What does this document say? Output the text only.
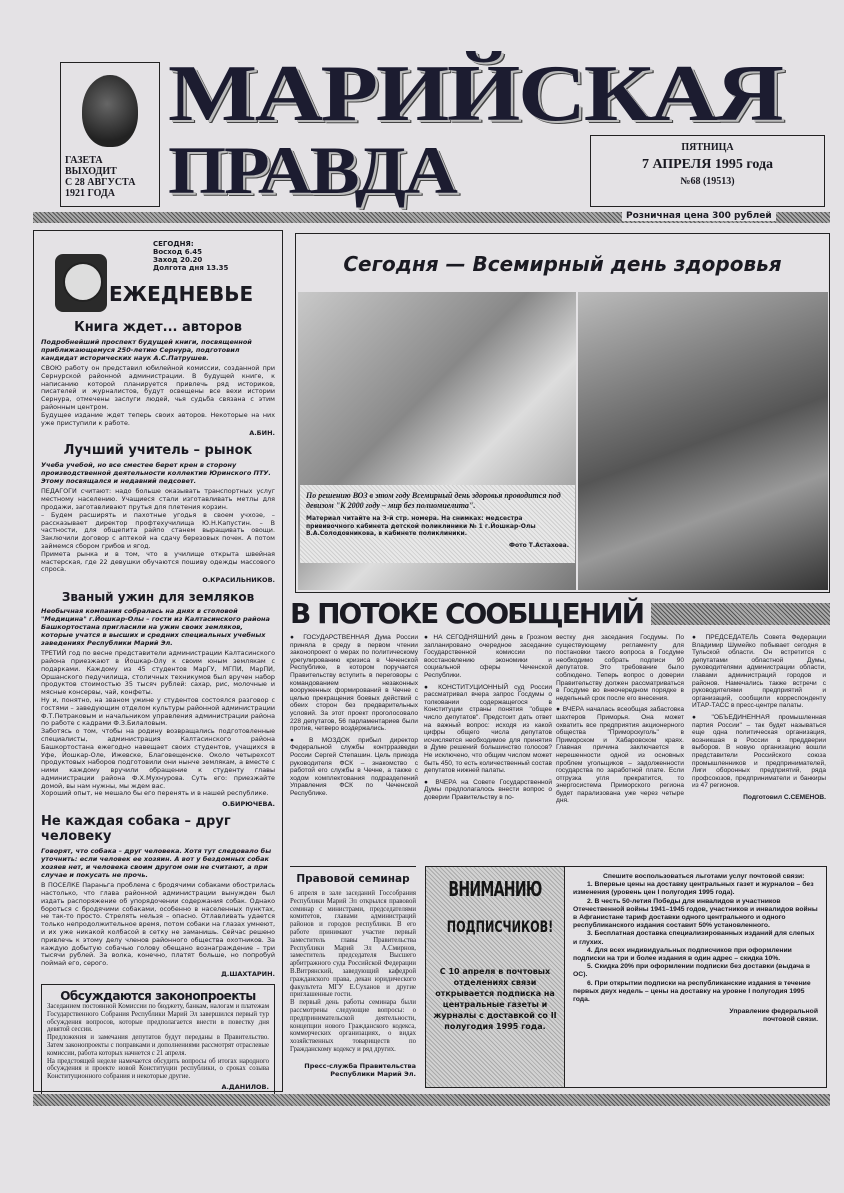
ГАЗЕТА ВЫХОДИТ
С 28 АВГУСТА
1921 ГОДА
МАРИЙСКАЯ
ПРАВДА	ПЯТНИЦА
7 АПРЕЛЯ 1995 года
№68 (19513)
Розничная цена 300 рублей
СЕГОДНЯ:
Восход 6.45
Заход 20.20
Долгота дня 13.35
ЕЖЕДНЕВЬЕ
Книга ждет... авторов

Подробнейший проспект будущей книги, посвященной приближающемуся 250-летию Сернура, подготовил кандидат исторических наук А.С.Патрушев.

СВОЮ работу он представил юбилейной комиссии, созданной при Сернурской районной администрации. В будущей книге, к написанию которой планируется привлечь ряд историков, писателей и журналистов, будут освещены все вехи истории Сернура, отмечены заслуги людей, чья судьба связана с этим районным центром.

Будущее издание ждет теперь своих авторов. Некоторые на них уже приступили к работе.

А.БИН.

Лучший учитель – рынок

Учеба учебой, но все сместее берет крен в сторону производственной деятельности коллектив Юринского ПТУ. Этому посвящался и недавний педсовет.

ПЕДАГОГИ считают: надо больше оказывать транспортных услуг местному населению. Учащиеся стали изготавливать метлы для продажи, заготавливают прутья для плетения корзин.

– Будем расширять и пахотные угодья в своем учхозе, – рассказывает директор профтехучилища Ю.Н.Капустин. – В частности, для общепита райпо станем выращивать овощи. Заключили договор с аптекой на сдачу березовых почек. А потом займемся сбором грибов и ягод.

Примета рынка и в том, что в училище открыта швейная мастерская, где 22 девушки обучаются пошиву одежды массового спроса.

О.КРАСИЛЬНИКОВ.

Званый ужин для земляков

Необычная компания собралась на днях в столовой "Медицина" г.Йошкар-Олы – гости из Калтасинского района Башкортостана пригласили на ужин своих земляков, которые учатся в высших и средних специальных учебных заведениях Республики Марий Эл.

ТРЕТИЙ год по весне представители администрации Калтасинского района приезжают в Йошкар-Олу к своим юным землякам с подарками. Каждому из 45 студентов МарГУ, МГПИ, МарПИ, Оршанского педучилища, столичных техникумов был вручен набор продуктов стоимостью 35 тысяч рублей: сахар, рис, молочные и мясные консервы, чай, конфеты.

Ну и, понятно, на званом ужине у студентов состоялся разговор с гостями – заведующим отделом культуры районной администрации Ф.Т.Петраковым и начальником управления администрации района по работе с кадрами Ф.З.Билаловым.

Заботясь о том, чтобы на родину возвращались подготовленные специалисты, администрация Калтасинского района Башкортостана ежегодно навещает своих студентов, учащихся в Уфе, Йошкар-Оле, Ижевске, Благовещенске. Около четырехсот продуктовых наборов подготовили они нынче землякам, а вместе с ними каждому вручили обращение к студенту главы администрации района Ф.Х.Мухнурова. Суть его: приезжайте домой, вы нам нужны, мы ждем вас.

Хороший опыт, не мешало бы его перенять и в нашей республике.

О.БИРЮЧЕВА.

Не каждая собака – друг человеку

Говорят, что собака – друг человека. Хотя тут следовало бы уточнить: если человек ее хозяин. А вот у бездомных собак хозяев нет, и человека своим другом они не считают, а при случае и покусать не прочь.

В ПОСЕЛКЕ Параньга проблема с бродячими собаками обострилась настолько, что глава районной администрации вынужден был издать распоряжение об упорядочении содержания собак. Однако бороться с бродячими собаками, особенно в населенных пунктах, не так-то просто. Стрелять нельзя – опасно. Отлавливать удается только непродолжительное время, потом собаки на глазах умнеют, и их уже никакой колбасой в сетку не заманишь. Сейчас решено привлечь к этому делу членов районного общества охотников. За каждую добытую собачью голову обещано вознаграждение – три тысячи рублей. За волка, конечно, платят больше, но попробуй поймай его, серого.

Д.ШАХТАРИН.

Обсуждаются законопроекты

Заседанием постоянной Комиссии по бюджету, банкам, налогам и платежам Государственного Собрания Республики Марий Эл завершился первый тур обсуждения вопросов, которые предполагается внести в повестку дня девятой сессии.

Предложения и замечания депутатов будут переданы в Правительство. Затем законопроекты с поправками и дополнениями рассмотрят отраслевые комиссии, работа которых начнется с 21 апреля.

На предстоящей неделе намечается обсудить вопросы об итогах народного обсуждения и проекте новой Конституции республики, о сроках созыва Конституционного собрания и некоторые другие.

А.ДАНИЛОВ.

Сегодня — Всемирный день здоровья

По решению ВОЗ в этом году Всемирный день здоровья проводится под девизом "К 2000 году – мир без полиомиелита".

Материал читайте на 3-й стр. номера. На снимках: медсестра прививочного кабинета детской поликлиники № 1 г.Йошкар-Олы В.А.Солодовникова, в кабинете поликлиники.

Фото Т.Астахова.

В ПОТОКЕ СООБЩЕНИЙ

● ГОСУДАРСТВЕННАЯ Дума России приняла в среду в первом чтении законопроект о мерах по политическому урегулированию кризиса в Чеченской Республике, в котором поручается Правительству вступить в переговоры с командованием незаконных вооруженных формирований в Чечне с целью прекращения боевых действий с обеих сторон без предварительных условий. За этот проект проголосовало 228 депутатов, 56 парламентариев были против, четверо воздержались.

● В МОЗДОК прибыл директор Федеральной службы контрразведки России Сергей Степашин. Цель приезда руководителя ФСК – знакомство с работой его службы в Чечне, а также с ходом комплектования подразделений Управления ФСК по Чеченской Республике.

● НА СЕГОДНЯШНИЙ день в Грозном запланировано очередное заседание Государственной комиссии по восстановлению экономики и социальной сферы Чеченской Республики.

● КОНСТИТУЦИОННЫЙ суд России рассматривал вчера запрос Госдумы о толковании содержащегося в Конституции страны понятия "общее число депутатов". Предстоит дать ответ на важный вопрос: исходя из какой цифры общего числа депутатов исчисляется необходимое для принятия в Думе решений большинство голосов? Не исключено, что общим числом может быть 450, то есть количественный состав депутатов нижней палаты.

● ВЧЕРА на Совете Государственной Думы предполагалось внести вопрос о доверии Правительству в по-

вестку дня заседания Госдумы. По существующему регламенту для постановки такого вопроса в Госдуме необходимо собрать подписи 90 депутатов. Это требование было соблюдено. Теперь вопрос о доверии Правительству должен рассматриваться в Госдуме во внеочередном порядке в недельный срок после его внесения.

● ВЧЕРА началась всеобщая забастовка шахтеров Приморья. Она может охватить все предприятия акционерного общества "Приморскуголь" в Приморском и Хабаровском краях. Главная причина заключается в нерешенности одной из основных проблем угольщиков – задолженности государства по заработной плате. Если отгрузка угля прекратится, то энергосистема Приморского региона будет парализована уже через четыре дня.

● ПРЕДСЕДАТЕЛЬ Совета Федерации Владимир Шумейко побывает сегодня в Тульской области. Он встретится с депутатами областной Думы, руководителями администрации области, главами администраций городов и районов. Намечались также встречи с руководителями предприятий и организаций, сообщили корреспонденту ИТАР-ТАСС в пресс-центре палаты.

● "ОБЪЕДИНЕННАЯ промышленная партия России" – так будет называться еще одна политическая организация, возникшая в России в преддверии выборов. В новую организацию вошли представители Российского союза промышленников и предпринимателей, Лиги оборонных предприятий, ряда профсоюзов, предприниматели и банкиры из 47 регионов.

Подготовил С.СЕМЕНОВ.

Правовой семинар

6 апреля в зале заседаний Госсобрания Республики Марий Эл открылся правовой семинар с министрами, председателями комитетов, главами администраций районов и городов республики. В его работе принимают участие первый заместитель главы Правительства Республики Марий Эл А.Смирнов, заместитель председателя Высшего арбитражного суда Российской Федерации В.Витрянский, заведующий кафедрой гражданского права, декан юридического факультета МГУ Е.Суханов и другие приглашенные гости.

В первый день работы семинара были рассмотрены следующие вопросы: о предпринимательской деятельности, концепции нового Гражданского кодекса, коммерческих организациях, о видах хозяйственных товариществ по Гражданскому кодексу и ряд других.

Пресс-служба Правительства Республики Марий Эл.

ВНИМАНИЮ
ПОДПИСЧИКОВ!
С 10 апреля в почтовых отделениях связи открывается подписка на центральные газеты и журналы с доставкой со II полугодия 1995 года.

Спешите воспользоваться льготами услуг почтовой связи:

1. Впервые цены на доставку центральных газет и журналов – без изменения (уровень цен I полугодия 1995 года).

2. В честь 50-летия Победы для инвалидов и участников Отечественной войны 1941–1945 годов, участников и инвалидов войны в Афганистане тариф доставки одного центрального и одного республиканского издания составит 50% установленного.

3. Бесплатная доставка специализированных изданий для слепых и глухих.

4. Для всех индивидуальных подписчиков при оформлении подписки на три и более издания в один адрес – скидка 10%.

5. Скидка 20% при оформлении подписки без доставки (выдача в ОС).

6. При открытии подписки на республиканские издания в течение первых двух недель – цены на доставку на уровне I полугодия 1995 года.

Управление федеральной почтовой связи.
